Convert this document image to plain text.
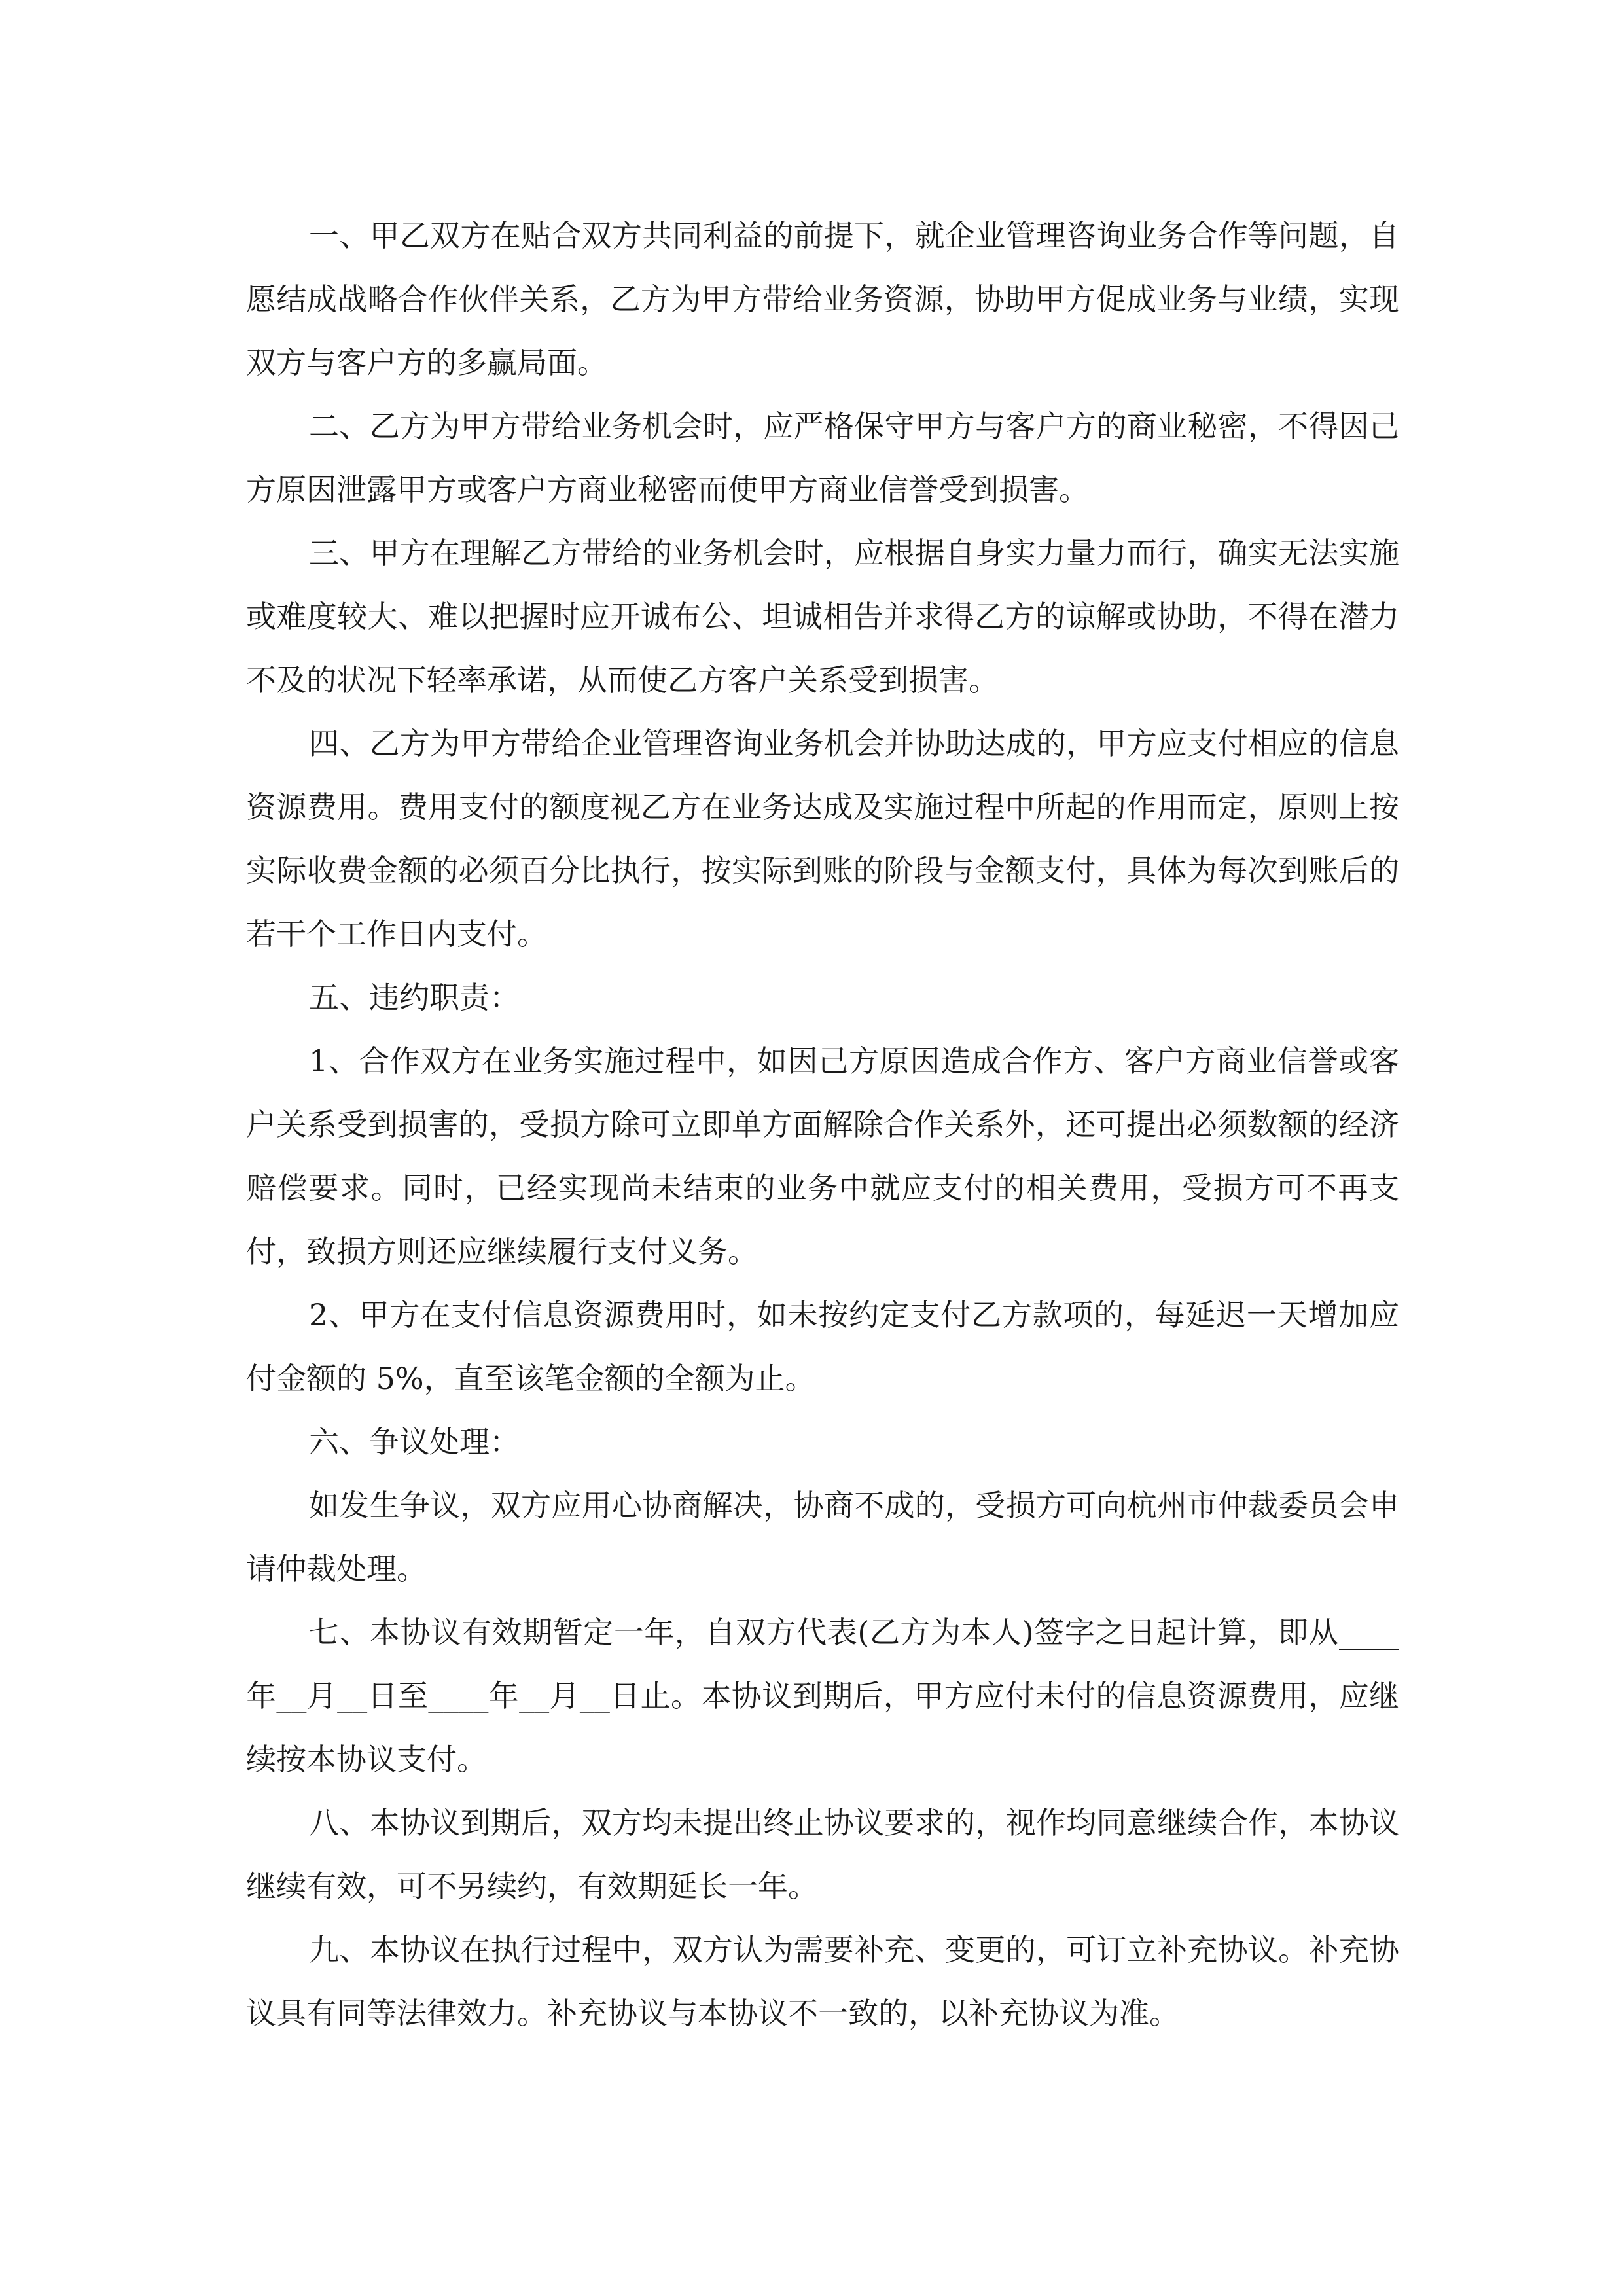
一、甲乙双方在贴合双方共同利益的前提下，就企业管理咨询业务合作等问题，自愿结成战略合作伙伴关系，乙方为甲方带给业务资源，协助甲方促成业务与业绩，实现双方与客户方的多赢局面。

二、乙方为甲方带给业务机会时，应严格保守甲方与客户方的商业秘密，不得因己方原因泄露甲方或客户方商业秘密而使甲方商业信誉受到损害。

三、甲方在理解乙方带给的业务机会时，应根据自身实力量力而行，确实无法实施或难度较大、难以把握时应开诚布公、坦诚相告并求得乙方的谅解或协助，不得在潜力不及的状况下轻率承诺，从而使乙方客户关系受到损害。

四、乙方为甲方带给企业管理咨询业务机会并协助达成的，甲方应支付相应的信息资源费用。费用支付的额度视乙方在业务达成及实施过程中所起的作用而定，原则上按实际收费金额的必须百分比执行，按实际到账的阶段与金额支付，具体为每次到账后的若干个工作日内支付。

五、违约职责：

1、合作双方在业务实施过程中，如因己方原因造成合作方、客户方商业信誉或客户关系受到损害的，受损方除可立即单方面解除合作关系外，还可提出必须数额的经济赔偿要求。同时，已经实现尚未结束的业务中就应支付的相关费用，受损方可不再支付，致损方则还应继续履行支付义务。

2、甲方在支付信息资源费用时，如未按约定支付乙方款项的，每延迟一天增加应付金额的 5%，直至该笔金额的全额为止。

六、争议处理：

如发生争议，双方应用心协商解决，协商不成的，受损方可向杭州市仲裁委员会申请仲裁处理。

七、本协议有效期暂定一年，自双方代表(乙方为本人)签字之日起计算，即从____年__月__日至____年__月__日止。本协议到期后，甲方应付未付的信息资源费用，应继续按本协议支付。

八、本协议到期后，双方均未提出终止协议要求的，视作均同意继续合作，本协议继续有效，可不另续约，有效期延长一年。

九、本协议在执行过程中，双方认为需要补充、变更的，可订立补充协议。补充协议具有同等法律效力。补充协议与本协议不一致的，以补充协议为准。
